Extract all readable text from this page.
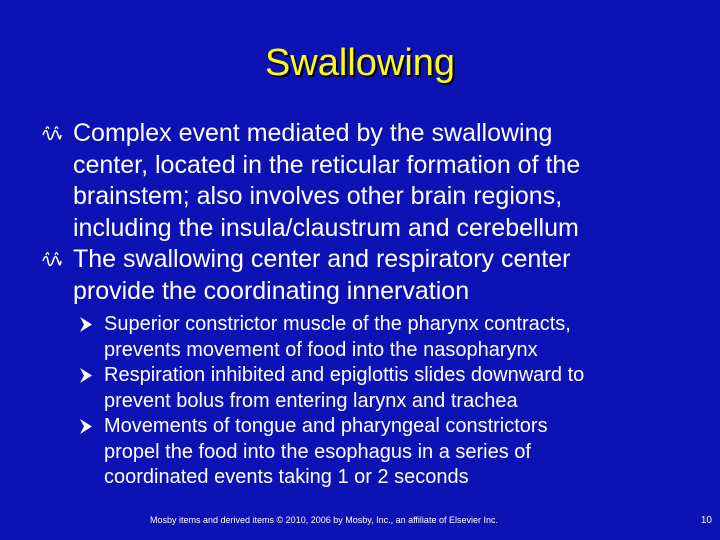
Swallowing
Complex event mediated by the swallowing
center, located in the reticular formation of the
brainstem; also involves other brain regions,
including the insula/claustrum and cerebellum
The swallowing center and respiratory center
provide the coordinating innervation
Superior constrictor muscle of the pharynx contracts,
prevents movement of food into the nasopharynx
Respiration inhibited and epiglottis slides downward to
prevent bolus from entering larynx and trachea
Movements of tongue and pharyngeal constrictors
propel the food into the esophagus in a series of
coordinated events taking 1 or 2 seconds
Mosby items and derived items © 2010, 2006 by Mosby, Inc., an affiliate of Elsevier Inc.	10
